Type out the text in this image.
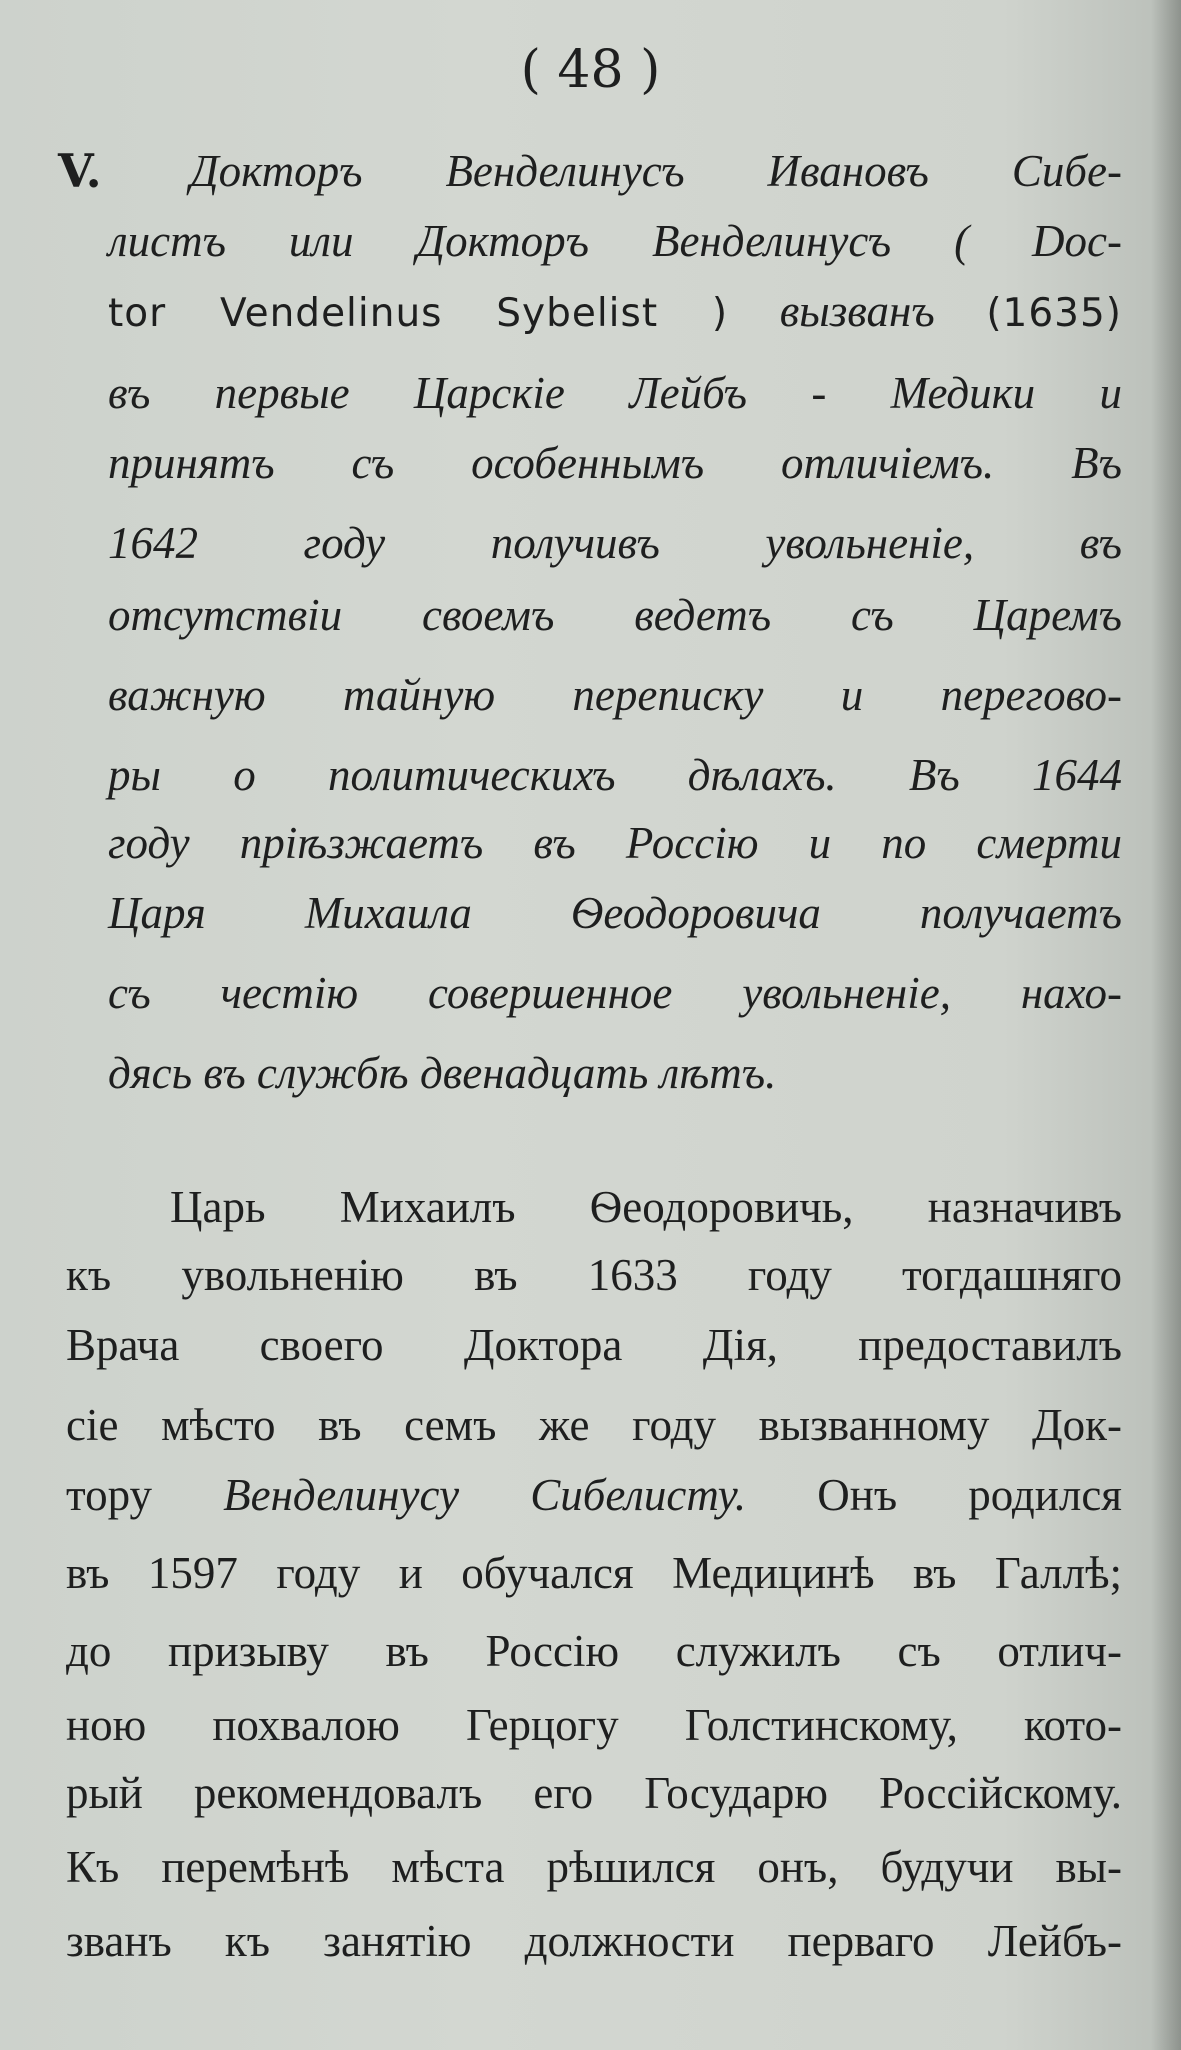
( 48 )
V. Докторъ Венделинусъ Ивановъ Сибе-
листъ или Докторъ Венделинусъ ( Doc-
tor Vendelinus Sybelist ) вызванъ (1635)
въ первые Царскіе Лейбъ - Медики и
принятъ съ особеннымъ отличіемъ. Въ
1642 году получивъ увольненіе, въ
отсутствіи своемъ ведетъ съ Царемъ
важную тайную переписку и перегово-
ры о политическихъ дѣлахъ. Въ 1644
году пріѣзжаетъ въ Россію и по смерти
Царя Михаила Ѳеодоровича получаетъ
съ честію совершенное увольненіе, нахо-
дясь въ службѣ двенадцать лѣтъ.
Царь Михаилъ Ѳеодоровичь, назначивъ
къ увольненію въ 1633 году тогдашняго
Врача своего Доктора Дія, предоставилъ
сіе мѣсто въ семъ же году вызванному Док-
тору Венделинусу Сибелисту. Онъ родился
въ 1597 году и обучался Медицинѣ въ Галлѣ;
до призыву въ Россію служилъ съ отлич-
ною похвалою Герцогу Голстинскому, кото-
рый рекомендовалъ его Государю Россійскому.
Къ перемѣнѣ мѣста рѣшился онъ, будучи вы-
званъ къ занятію должности перваго Лейбъ-
